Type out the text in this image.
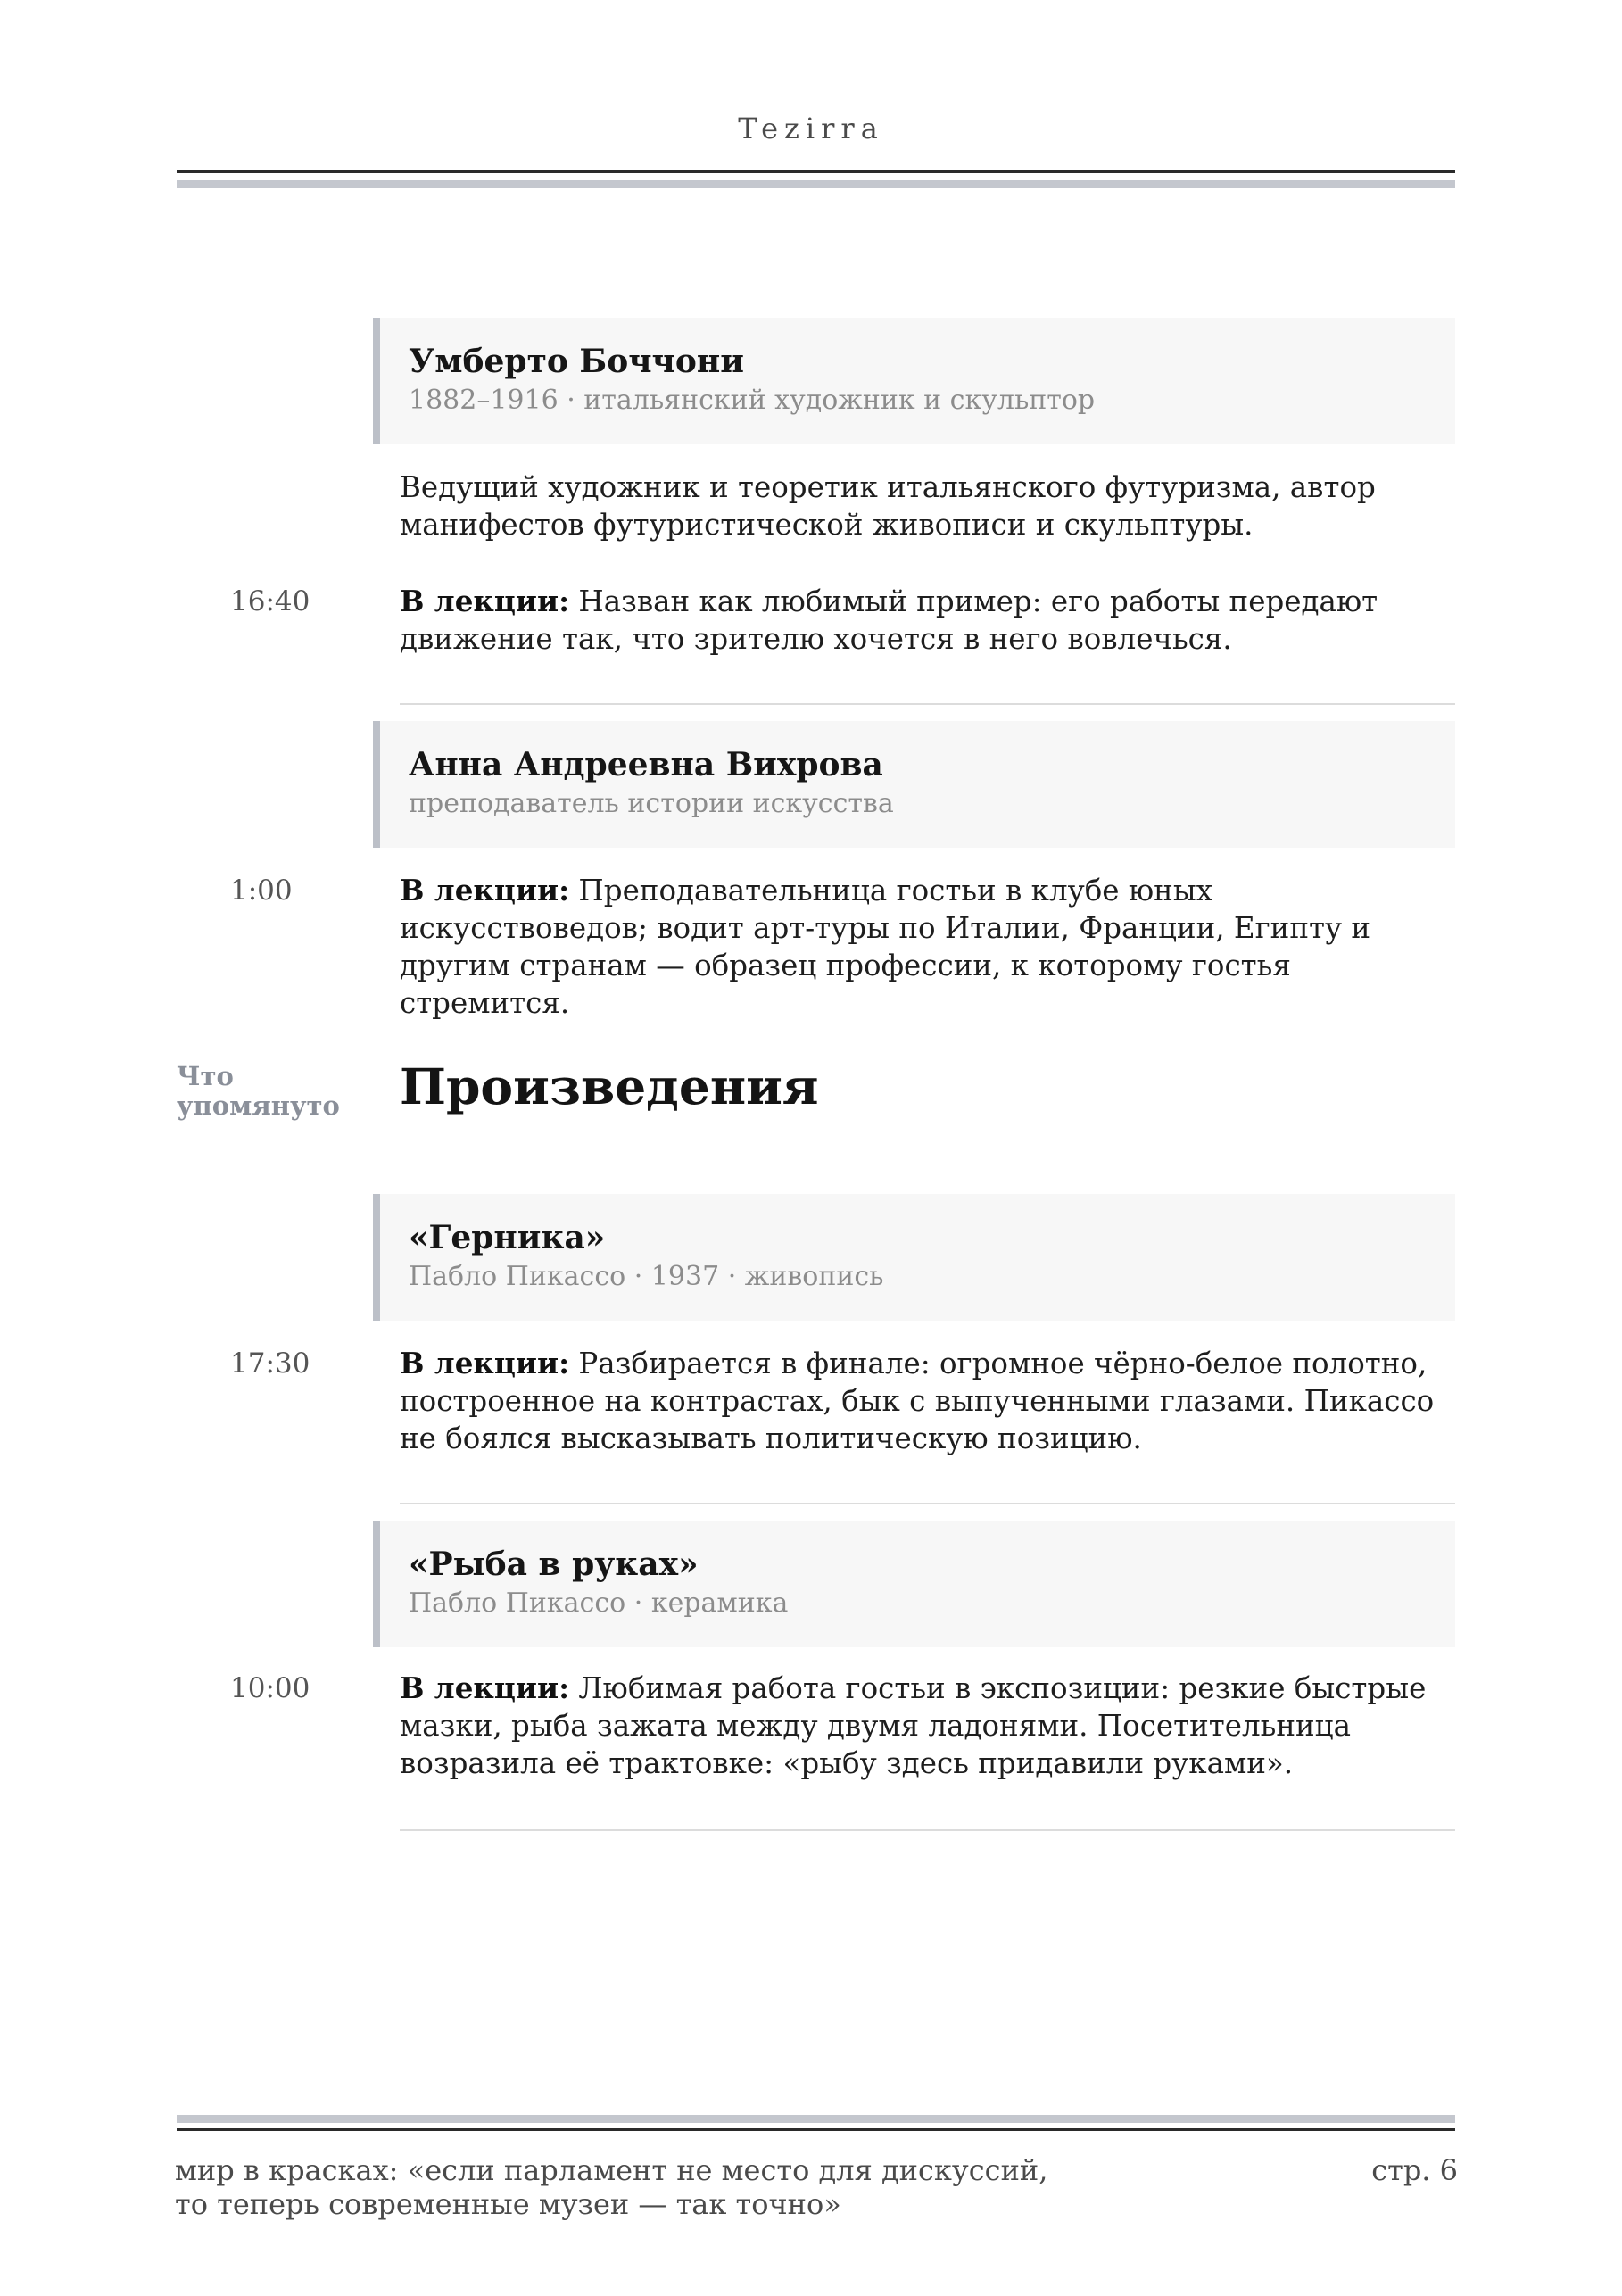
Tezirra
Умберто Боччони
1882–1916 · итальянский художник и скульптор
Ведущий художник и теоретик итальянского футуризма, автор манифестов футуристической живописи и скульптуры.
16:40	В лекции: Назван как любимый пример: его работы передают движение так, что зрителю хочется в него вовлечься.
Анна Андреевна Вихрова
преподаватель истории искусства
1:00	В лекции: Преподавательница гостьи в клубе юных искусствоведов; водит арт-туры по Италии, Франции, Египту и другим странам — образец профессии, к которому гостья стремится.
Что упомянуто	Произведения
«Герника»
Пабло Пикассо · 1937 · живопись
17:30	В лекции: Разбирается в финале: огромное чёрно-белое полотно, построенное на контрастах, бык с выпученными глазами. Пикассо не боялся высказывать политическую позицию.
«Рыба в руках»
Пабло Пикассо · керамика
10:00	В лекции: Любимая работа гостьи в экспозиции: резкие быстрые мазки, рыба зажата между двумя ладонями. Посетительница возразила её трактовке: «рыбу здесь придавили руками».
мир в красках: «если парламент не место для дискуссий,
то теперь современные музеи — так точно»
стр. 6
